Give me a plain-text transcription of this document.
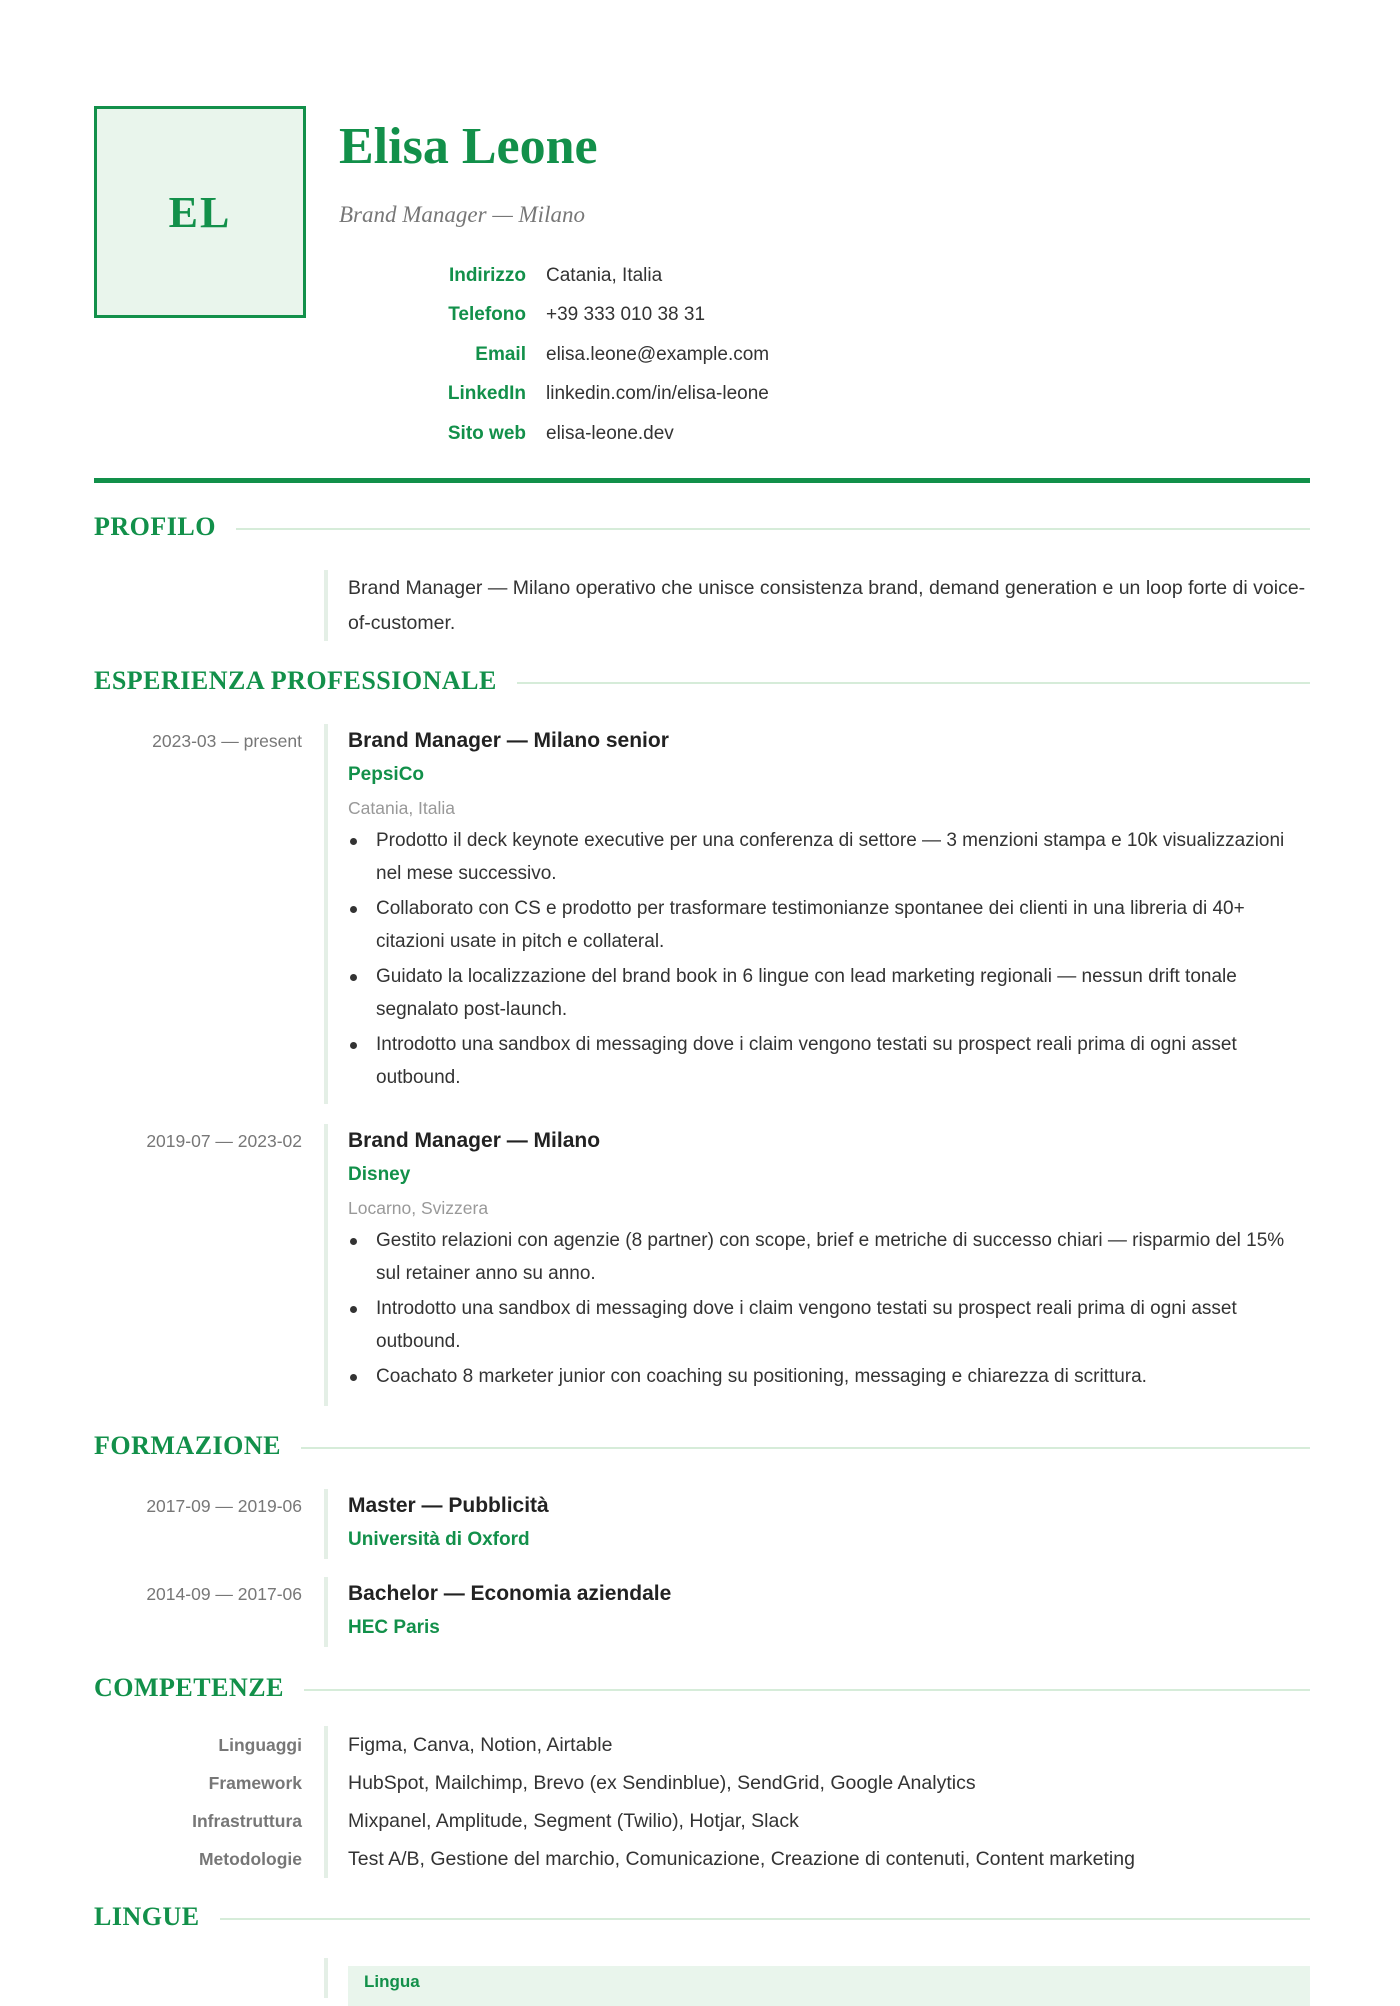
EL
Elisa Leone
Brand Manager — Milano
Indirizzo	Catania, Italia
Telefono	+39 333 010 38 31
Email	elisa.leone@example.com
LinkedIn	linkedin.com/in/elisa-leone
Sito web	elisa-leone.dev
PROFILO
Brand Manager — Milano operativo che unisce consistenza brand, demand generation e un loop forte di voice-of-customer.
ESPERIENZA PROFESSIONALE
2023-03 — present Brand Manager — Milano senior
PepsiCo
Catania, Italia
Prodotto il deck keynote executive per una conferenza di settore — 3 menzioni stampa e 10k visualizzazioni nel mese successivo.
Collaborato con CS e prodotto per trasformare testimonianze spontanee dei clienti in una libreria di 40+ citazioni usate in pitch e collateral.
Guidato la localizzazione del brand book in 6 lingue con lead marketing regionali — nessun drift tonale segnalato post-launch.
Introdotto una sandbox di messaging dove i claim vengono testati su prospect reali prima di ogni asset outbound.
2019-07 — 2023-02 Brand Manager — Milano
Disney
Locarno, Svizzera
Gestito relazioni con agenzie (8 partner) con scope, brief e metriche di successo chiari — risparmio del 15% sul retainer anno su anno.
Introdotto una sandbox di messaging dove i claim vengono testati su prospect reali prima di ogni asset outbound.
Coachato 8 marketer junior con coaching su positioning, messaging e chiarezza di scrittura.
FORMAZIONE
2017-09 — 2019-06 Master — Pubblicità
Università di Oxford
2014-09 — 2017-06 Bachelor — Economia aziendale
HEC Paris
COMPETENZE
Linguaggi	Figma, Canva, Notion, Airtable
Framework	HubSpot, Mailchimp, Brevo (ex Sendinblue), SendGrid, Google Analytics
Infrastruttura	Mixpanel, Amplitude, Segment (Twilio), Hotjar, Slack
Metodologie	Test A/B, Gestione del marchio, Comunicazione, Creazione di contenuti, Content marketing
LINGUE
Lingua
